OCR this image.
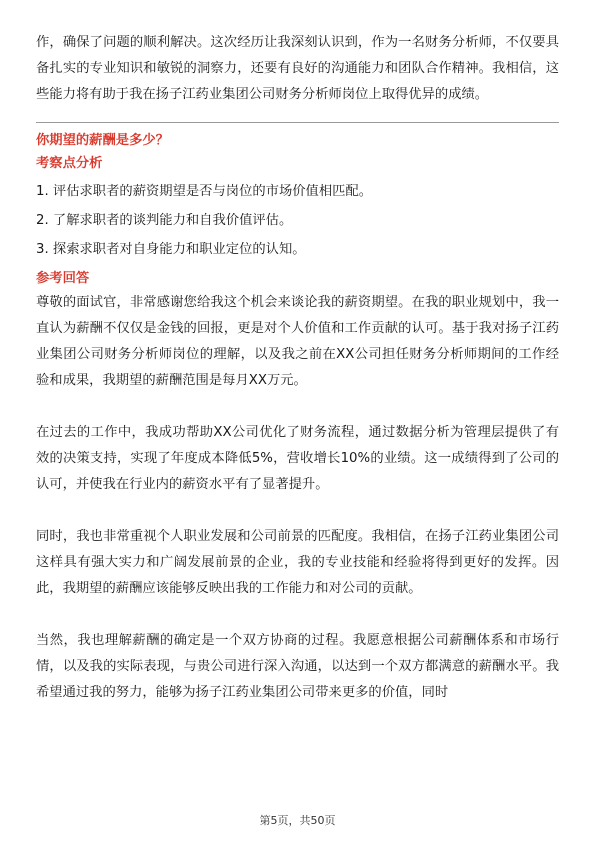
作，确保了问题的顺利解决。这次经历让我深刻认识到，作为一名财务分析师，不仅要具备扎实的专业知识和敏锐的洞察力，还要有良好的沟通能力和团队合作精神。我相信，这些能力将有助于我在扬子江药业集团公司财务分析师岗位上取得优异的成绩。

你期望的薪酬是多少？

考察点分析

1. 评估求职者的薪资期望是否与岗位的市场价值相匹配。
2. 了解求职者的谈判能力和自我价值评估。
3. 探索求职者对自身能力和职业定位的认知。

参考回答

尊敬的面试官，非常感谢您给我这个机会来谈论我的薪资期望。在我的职业规划中，我一直认为薪酬不仅仅是金钱的回报，更是对个人价值和工作贡献的认可。基于我对扬子江药业集团公司财务分析师岗位的理解，以及我之前在XX公司担任财务分析师期间的工作经验和成果，我期望的薪酬范围是每月XX万元。

在过去的工作中，我成功帮助XX公司优化了财务流程，通过数据分析为管理层提供了有效的决策支持，实现了年度成本降低5%，营收增长10%的业绩。这一成绩得到了公司的认可，并使我在行业内的薪资水平有了显著提升。

同时，我也非常重视个人职业发展和公司前景的匹配度。我相信，在扬子江药业集团公司这样具有强大实力和广阔发展前景的企业，我的专业技能和经验将得到更好的发挥。因此，我期望的薪酬应该能够反映出我的工作能力和对公司的贡献。

当然，我也理解薪酬的确定是一个双方协商的过程。我愿意根据公司薪酬体系和市场行情，以及我的实际表现，与贵公司进行深入沟通，以达到一个双方都满意的薪酬水平。我希望通过我的努力，能够为扬子江药业集团公司带来更多的价值，同时

第5页，共50页
